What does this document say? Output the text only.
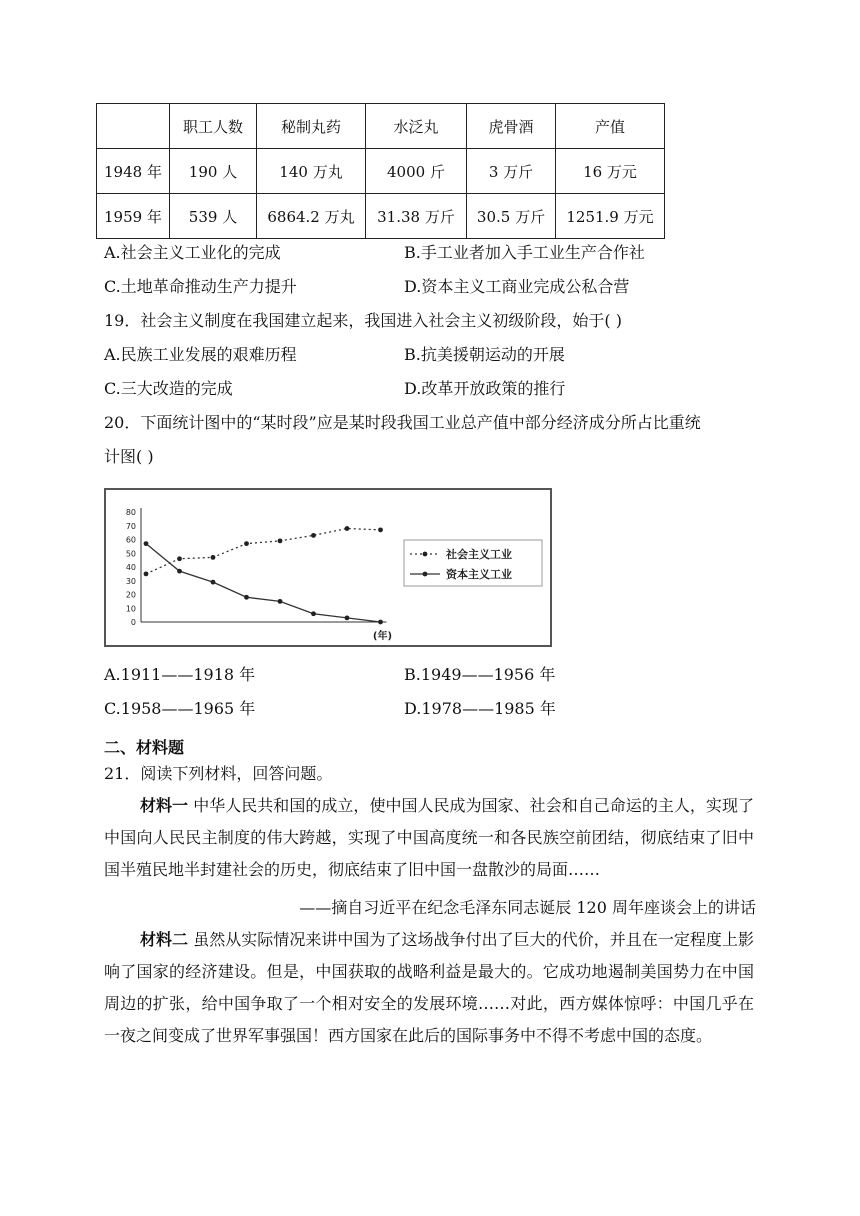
	职工人数	秘制丸药	水泛丸	虎骨酒	产值
1948 年	190 人	140 万丸	4000 斤	3 万斤	16 万元
1959 年	539 人	6864.2 万丸	31.38 万斤	30.5 万斤	1251.9 万元
A.社会主义工业化的完成	B.手工业者加入手工业生产合作社
C.土地革命推动生产力提升	D.资本主义工商业完成公私合营
19．社会主义制度在我国建立起来，我国进入社会主义初级阶段，始于( )
A.民族工业发展的艰难历程	B.抗美援朝运动的开展
C.三大改造的完成	D.改革开放政策的推行
20．下面统计图中的“某时段”应是某时段我国工业总产值中部分经济成分所占比重统
计图( )
0
10
20
30
40
50
60
70
80
(年)
社会主义工业
资本主义工业
A.1911——1918 年	B.1949——1956 年
C.1958——1965 年	D.1978——1985 年
二、材料题
21．阅读下列材料，回答问题。
材料一 中华人民共和国的成立，使中国人民成为国家、社会和自己命运的主人，实现了中国向人民民主制度的伟大跨越，实现了中国高度统一和各民族空前团结，彻底结束了旧中国半殖民地半封建社会的历史，彻底结束了旧中国一盘散沙的局面……
——摘自习近平在纪念毛泽东同志诞辰 120 周年座谈会上的讲话
材料二 虽然从实际情况来讲中国为了这场战争付出了巨大的代价，并且在一定程度上影响了国家的经济建设。但是，中国获取的战略利益是最大的。它成功地遏制美国势力在中国周边的扩张，给中国争取了一个相对安全的发展环境……对此，西方媒体惊呼：中国几乎在一夜之间变成了世界军事强国！西方国家在此后的国际事务中不得不考虑中国的态度。
